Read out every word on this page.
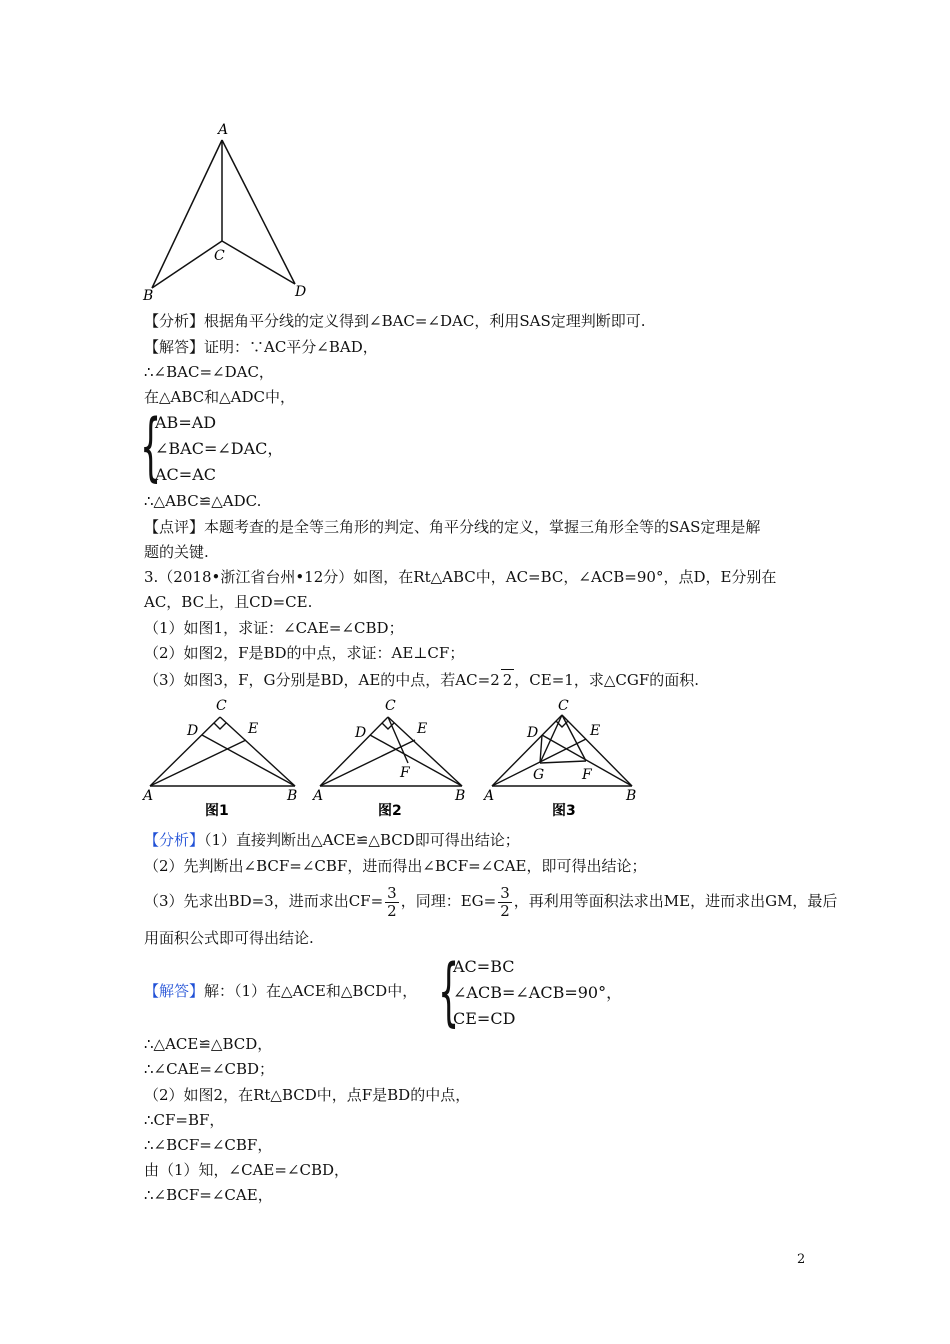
A
B
C
D
【分析】根据角平分线的定义得到∠BAC=∠DAC，利用SAS定理判断即可.
【解答】证明：∵AC平分∠BAD，
∴∠BAC=∠DAC，
在△ABC和△ADC中，
{
AB=AD
∠BAC=∠DAC，
AC=AC
∴△ABC≌△ADC.
【点评】本题考查的是全等三角形的判定、角平分线的定义，掌握三角形全等的SAS定理是解
题的关键.
3.（2018•浙江省台州•12分）如图，在Rt△ABC中，AC=BC，∠ACB=90°，点D，E分别在
AC，BC上，且CD=CE.
（1）如图1，求证：∠CAE=∠CBD；
（2）如图2，F是BD的中点，求证：AE⊥CF；
（3）如图3，F，G分别是BD，AE的中点，若AC=2 2 ，CE=1，求△CGF的面积.
C
D	E
A	B
图1
C
D	E
F
A	B
图2
C
D	E
G	F
A	B
图3
【分析】（1）直接判断出△ACE≌△BCD即可得出结论；
（2）先判断出∠BCF=∠CBF，进而得出∠BCF=∠CAE，即可得出结论；
（3）先求出BD=3，进而求出$CF= \frac{3}{2}$ ，同理：$EG= \frac{3}{2}$ ，再利用等面积法求出ME，进而求出GM，最后
用面积公式即可得出结论.
【解答】解：（1）在△ACE和△BCD中， {
AC=BC
∠ACB=∠ACB=90°，
CE=CD
∴△ACE≌△BCD，
∴∠CAE=∠CBD；
（2）如图2，在Rt△BCD中，点F是BD的中点，
∴CF=BF，
∴∠BCF=∠CBF，
由（1）知，∠CAE=∠CBD，
∴∠BCF=∠CAE，
2
